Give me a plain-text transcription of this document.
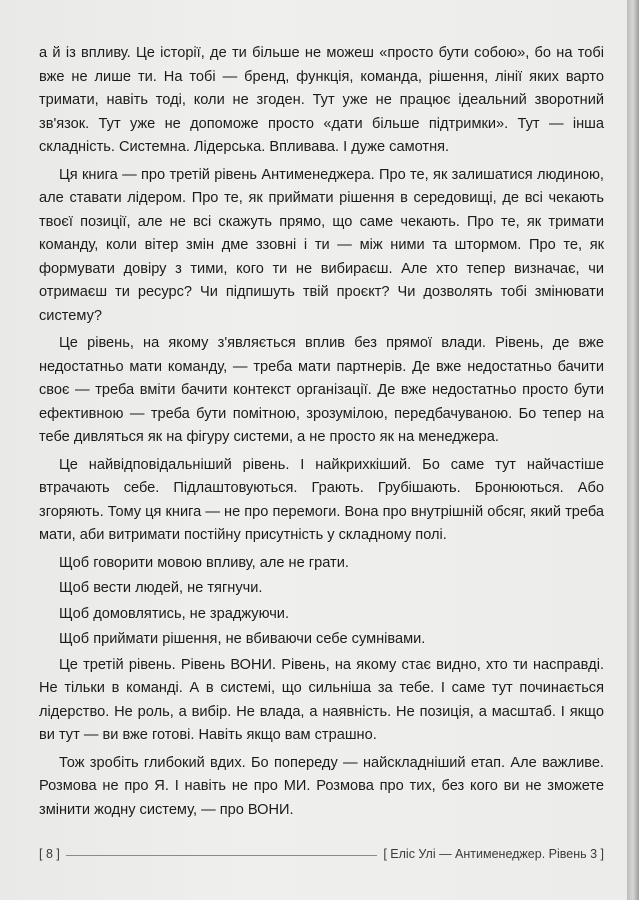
а й із впливу. Це історії, де ти більше не можеш «просто бути собою», бо на тобі вже не лише ти. На тобі — бренд, функція, команда, рішення, лінії яких варто тримати, навіть тоді, коли не згоден. Тут уже не працює ідеальний зворотний зв'язок. Тут уже не допоможе просто «дати більше підтримки». Тут — інша складність. Системна. Лідерська. Впливава. І дуже самотня.

Ця книга — про третій рівень Антименеджера. Про те, як залишатися людиною, але ставати лідером. Про те, як приймати рішення в середовищі, де всі чекають твоєї позиції, але не всі скажуть прямо, що саме чекають. Про те, як тримати команду, коли вітер змін дме ззовні і ти — між ними та штормом. Про те, як формувати довіру з тими, кого ти не вибираєш. Але хто тепер визначає, чи отримаєш ти ресурс? Чи підпишуть твій проєкт? Чи дозволять тобі змінювати систему?

Це рівень, на якому з'являється вплив без прямої влади. Рівень, де вже недостатньо мати команду, — треба мати партнерів. Де вже недостатньо бачити своє — треба вміти бачити контекст організації. Де вже недостатньо просто бути ефективною — треба бути помітною, зрозумілою, передбачуваною. Бо тепер на тебе дивляться як на фігуру системи, а не просто як на менеджера.

Це найвідповідальніший рівень. І найкрихкіший. Бо саме тут найчастіше втрачають себе. Підлаштовуються. Грають. Грубішають. Бронюються. Або згоряють. Тому ця книга — не про перемоги. Вона про внутрішній обсяг, який треба мати, аби витримати постійну присутність у складному полі.

Щоб говорити мовою впливу, але не грати.

Щоб вести людей, не тягнучи.

Щоб домовлятись, не зраджуючи.

Щоб приймати рішення, не вбиваючи себе сумнівами.

Це третій рівень. Рівень ВОНИ. Рівень, на якому стає видно, хто ти насправді. Не тільки в команді. А в системі, що сильніша за тебе. І саме тут починається лідерство. Не роль, а вибір. Не влада, а наявність. Не позиція, а масштаб. І якщо ви тут — ви вже готові. Навіть якщо вам страшно.

Тож зробіть глибокий вдих. Бо попереду — найскладніший етап. Але важливе. Розмова не про Я. І навіть не про МИ. Розмова про тих, без кого ви не зможете змінити жодну систему, — про ВОНИ.

[ 8 ]	[ Еліс Улі — Антименеджер. Рівень 3 ]
